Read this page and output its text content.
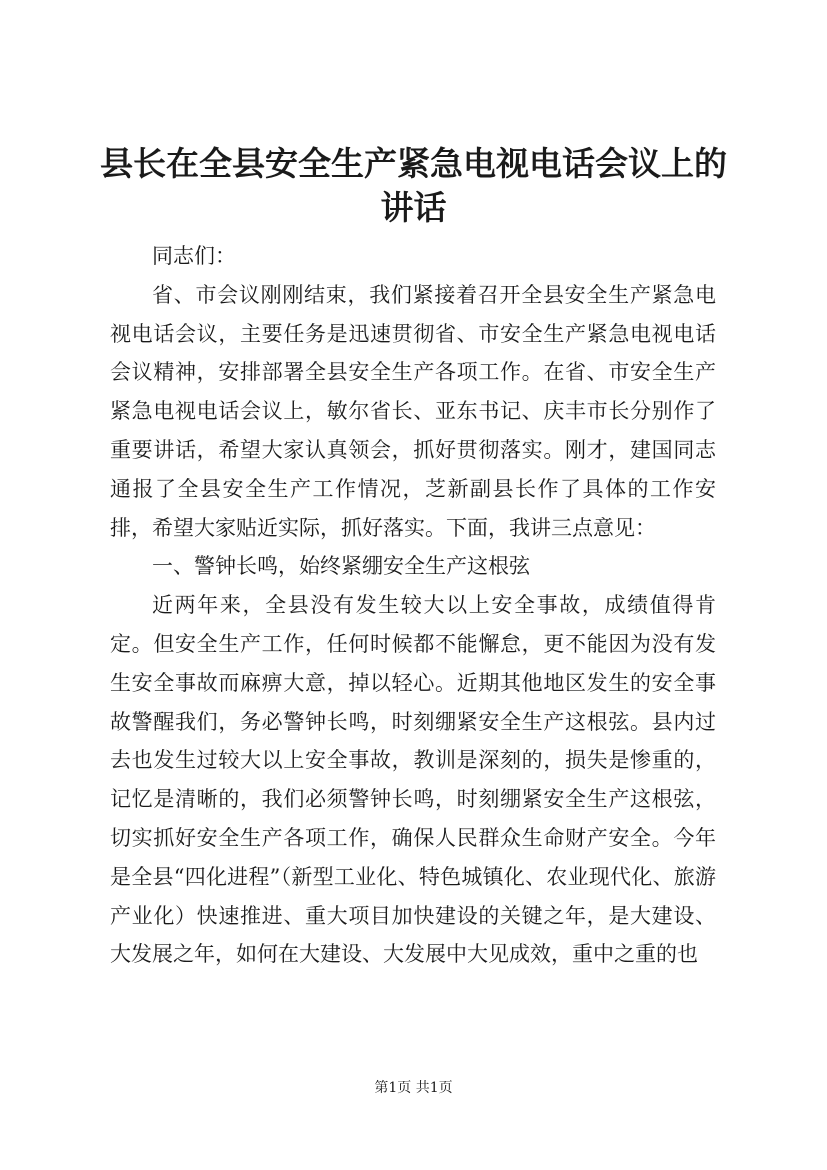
县长在全县安全生产紧急电视电话会议上的讲话

同志们：

省、市会议刚刚结束，我们紧接着召开全县安全生产紧急电视电话会议，主要任务是迅速贯彻省、市安全生产紧急电视电话会议精神，安排部署全县安全生产各项工作。在省、市安全生产紧急电视电话会议上，敏尔省长、亚东书记、庆丰市长分别作了重要讲话，希望大家认真领会，抓好贯彻落实。刚才，建国同志通报了全县安全生产工作情况，芝新副县长作了具体的工作安排，希望大家贴近实际，抓好落实。下面，我讲三点意见：

一、警钟长鸣，始终紧绷安全生产这根弦

近两年来，全县没有发生较大以上安全事故，成绩值得肯定。但安全生产工作，任何时候都不能懈怠，更不能因为没有发生安全事故而麻痹大意，掉以轻心。近期其他地区发生的安全事故警醒我们，务必警钟长鸣，时刻绷紧安全生产这根弦。县内过去也发生过较大以上安全事故，教训是深刻的，损失是惨重的，记忆是清晰的，我们必须警钟长鸣，时刻绷紧安全生产这根弦，切实抓好安全生产各项工作，确保人民群众生命财产安全。今年是全县“四化进程”（新型工业化、特色城镇化、农业现代化、旅游产业化）快速推进、重大项目加快建设的关键之年，是大建设、大发展之年，如何在大建设、大发展中大见成效，重中之重的也

第1页 共1页
